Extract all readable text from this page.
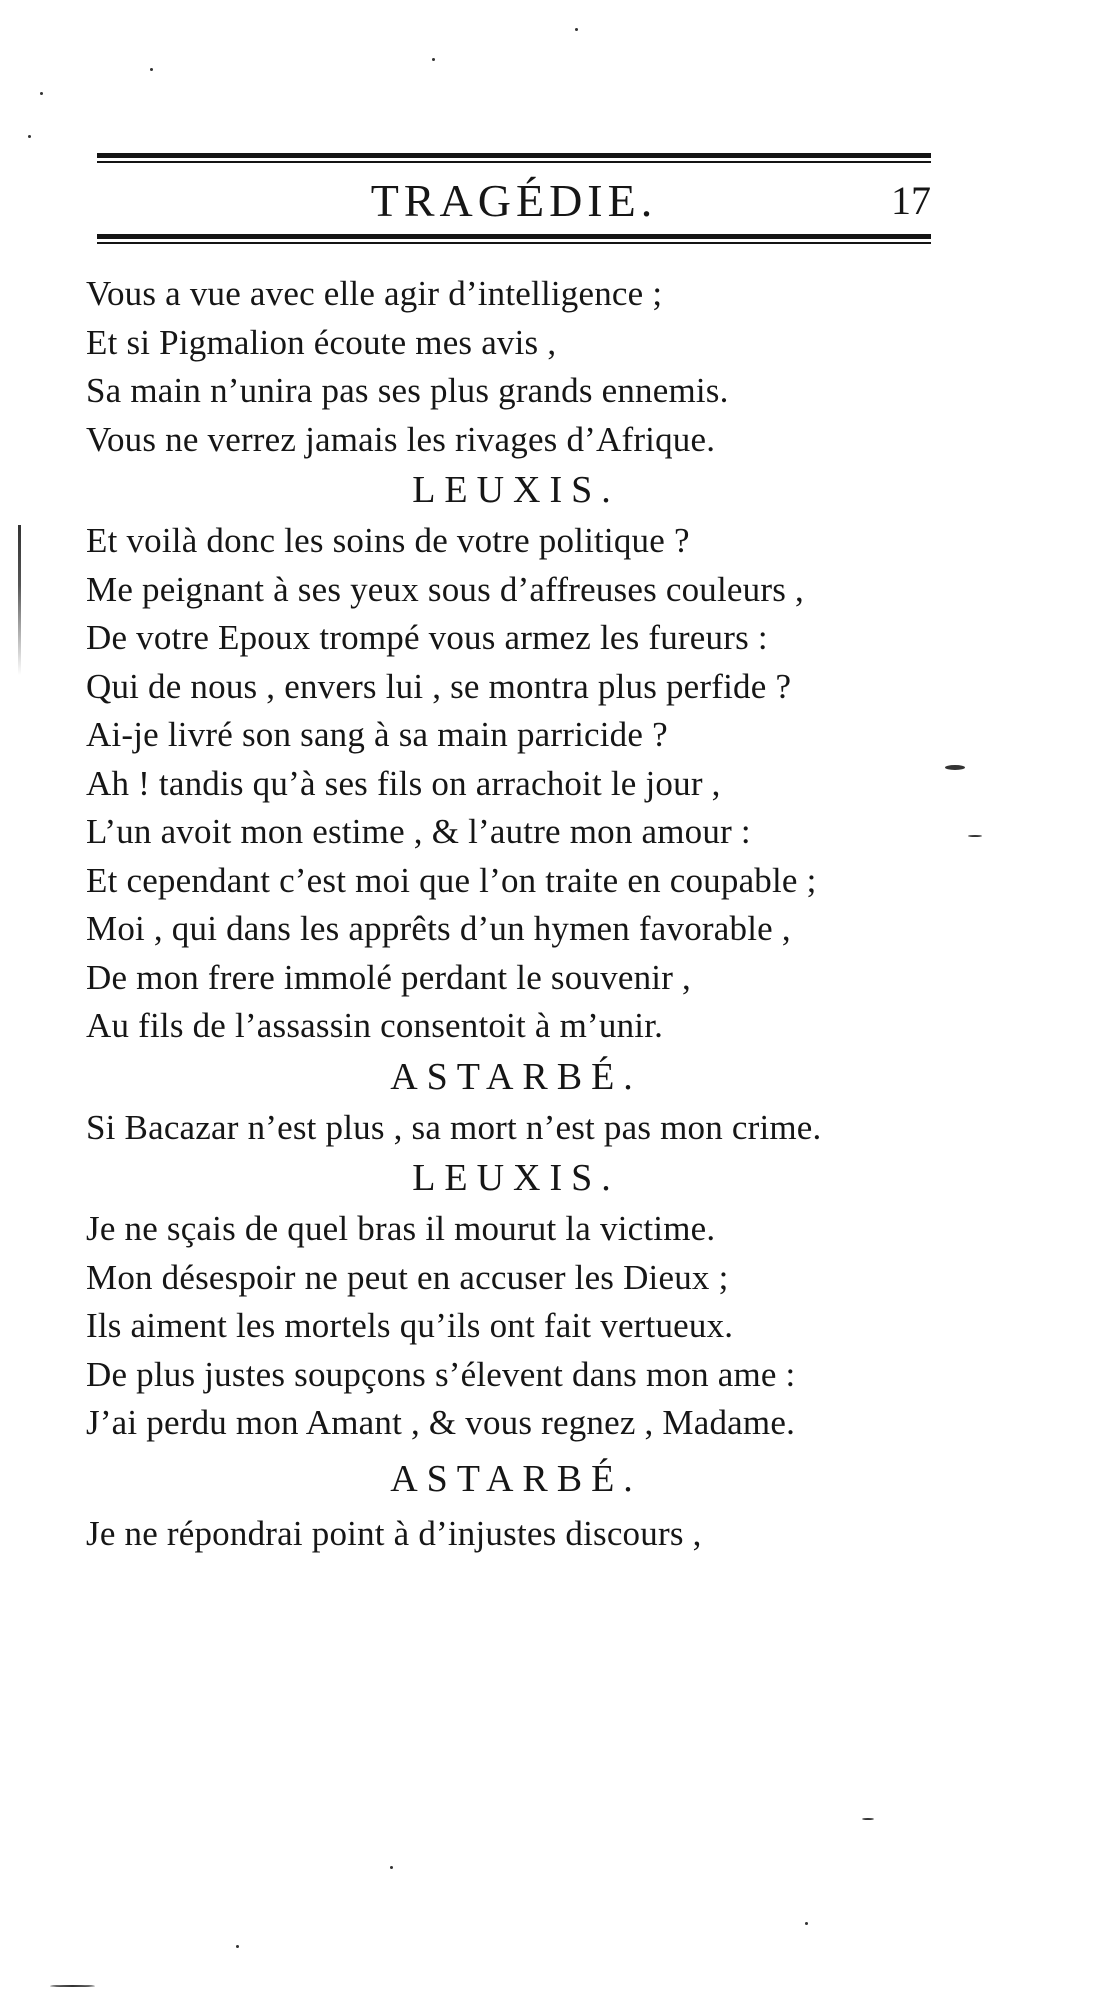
TRAGÉDIE.	17
Vous a vue avec elle agir d’intelligence ;
Et si Pigmalion écoute mes avis ,
Sa main n’unira pas ses plus grands ennemis.
Vous ne verrez jamais les rivages d’Afrique.
LEUXIS.
Et voilà donc les soins de votre politique ?
Me peignant à ses yeux sous d’affreuses couleurs ,
De votre Epoux trompé vous armez les fureurs :
Qui de nous , envers lui , se montra plus perfide ?
Ai-je livré son sang à sa main parricide ?
Ah ! tandis qu’à ses fils on arrachoit le jour ,
L’un avoit mon estime , & l’autre mon amour :
Et cependant c’est moi que l’on traite en coupable ;
Moi , qui dans les apprêts d’un hymen favorable ,
De mon frere immolé perdant le souvenir ,
Au fils de l’assassin consentoit à m’unir.
ASTARBÉ.
Si Bacazar n’est plus , sa mort n’est pas mon crime.
LEUXIS.
Je ne sçais de quel bras il mourut la victime.
Mon désespoir ne peut en accuser les Dieux ;
Ils aiment les mortels qu’ils ont fait vertueux.
De plus justes soupçons s’élevent dans mon ame :
J’ai perdu mon Amant , & vous regnez , Madame.
ASTARBÉ.
Je ne répondrai point à d’injustes discours ,
